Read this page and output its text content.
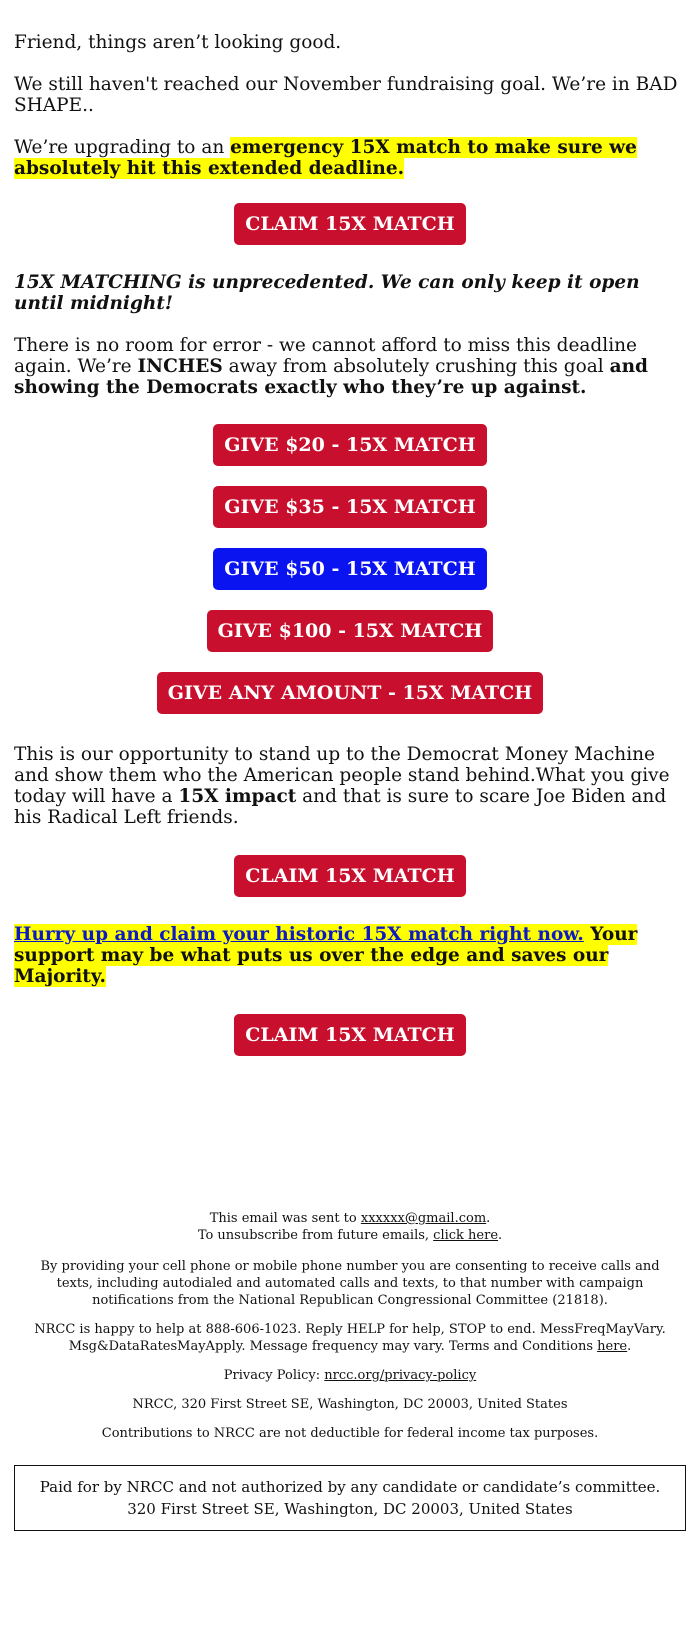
Friend, things aren’t looking good.

We still haven't reached our November fundraising goal. We’re in BAD SHAPE..

We’re upgrading to an emergency 15X match to make sure we absolutely hit this extended deadline.

CLAIM 15X MATCH

15X MATCHING is unprecedented. We can only keep it open until midnight!

There is no room for error - we cannot afford to miss this deadline again. We’re INCHES away from absolutely crushing this goal and showing the Democrats exactly who they’re up against.

GIVE $20 - 15X MATCH
GIVE $35 - 15X MATCH
GIVE $50 - 15X MATCH
GIVE $100 - 15X MATCH
GIVE ANY AMOUNT - 15X MATCH

This is our opportunity to stand up to the Democrat Money Machine and show them who the American people stand behind.What you give today will have a 15X impact and that is sure to scare Joe Biden and his Radical Left friends.

CLAIM 15X MATCH

Hurry up and claim your historic 15X match right now. Your support may be what puts us over the edge and saves our Majority.

CLAIM 15X MATCH
This email was sent to xxxxxx@gmail.com.
To unsubscribe from future emails, click here.
By providing your cell phone or mobile phone number you are consenting to receive calls and texts, including autodialed and automated calls and texts, to that number with campaign notifications from the National Republican Congressional Committee (21818).
NRCC is happy to help at 888-606-1023. Reply HELP for help, STOP to end. MessFreqMayVary. Msg&DataRatesMayApply. Message frequency may vary. Terms and Conditions here.
Privacy Policy: nrcc.org/privacy-policy
NRCC, 320 First Street SE, Washington, DC 20003, United States
Contributions to NRCC are not deductible for federal income tax purposes.
Paid for by NRCC and not authorized by any candidate or candidate’s committee. 320 First Street SE, Washington, DC 20003, United States
